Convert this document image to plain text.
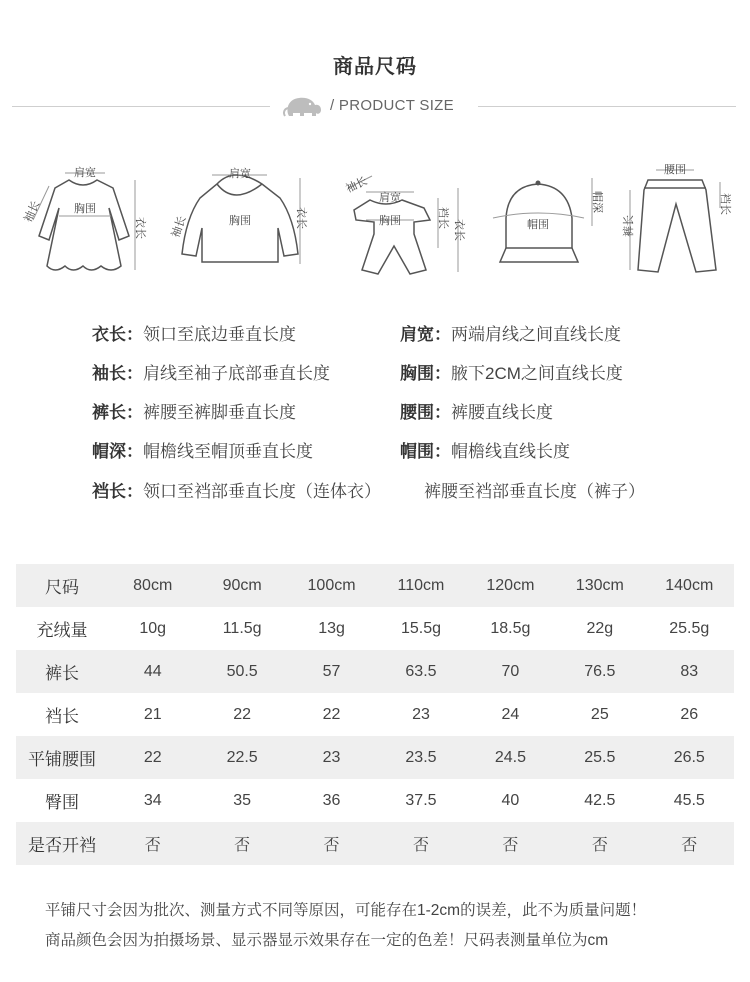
商品尺码
/ PRODUCT SIZE
肩宽
胸围
袖长
衣长
肩宽
胸围
袖长	衣长
袖长
肩宽
胸围	裆长
衣长	帽围
帽深
腰围
裤长
裆长
衣长：领口至底边垂直长度	肩宽：两端肩线之间直线长度
袖长：肩线至袖子底部垂直长度	胸围：腋下2CM之间直线长度
裤长：裤腰至裤脚垂直长度	腰围：裤腰直线长度
帽深：帽檐线至帽顶垂直长度	帽围：帽檐线直线长度
裆长：领口至裆部垂直长度（连体衣）	裤腰至裆部垂直长度（裤子）
尺码	80cm	90cm	100cm	110cm	120cm	130cm	140cm
充绒量	10g	11.5g	13g	15.5g	18.5g	22g	25.5g
裤长	44	50.5	57	63.5	70	76.5	83
裆长	21	22	22	23	24	25	26
平铺腰围	22	22.5	23	23.5	24.5	25.5	26.5
臀围	34	35	36	37.5	40	42.5	45.5
是否开裆	否	否	否	否	否	否	否
平铺尺寸会因为批次、测量方式不同等原因，可能存在1-2cm的误差，此不为质量问题！
商品颜色会因为拍摄场景、显示器显示效果存在一定的色差！尺码表测量单位为cm
